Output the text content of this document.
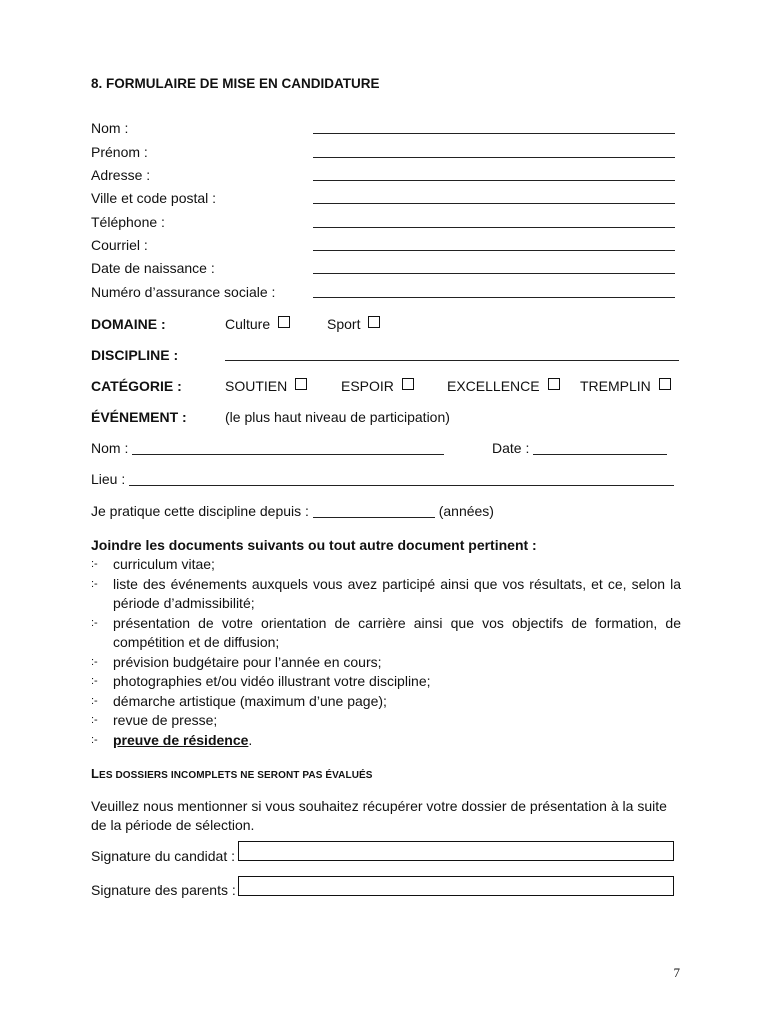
8. FORMULAIRE DE MISE EN CANDIDATURE
Nom :
Prénom :
Adresse :
Ville et code postal :
Téléphone :
Courriel :
Date de naissance :
Numéro d’assurance sociale :
DOMAINE :	Culture	Sport
DISCIPLINE :
CATÉGORIE :	SOUTIEN	ESPOIR	EXCELLENCE	TREMPLIN
ÉVÉNEMENT :	(le plus haut niveau de participation)
Nom :	Date :
Lieu :
Je pratique cette discipline depuis :	(années)
Joindre les documents suivants ou tout autre document pertinent :
:- curriculum vitae;
:- liste des événements auxquels vous avez participé ainsi que vos résultats, et ce, selon la période d’admissibilité;
:- présentation de votre orientation de carrière ainsi que vos objectifs de formation, de compétition et de diffusion;
:- prévision budgétaire pour l’année en cours;
:- photographies et/ou vidéo illustrant votre discipline;
:- démarche artistique (maximum d’une page);
:- revue de presse;
:- preuve de résidence.
LES DOSSIERS INCOMPLETS NE SERONT PAS ÉVALUÉS
Veuillez nous mentionner si vous souhaitez récupérer votre dossier de présentation à la suite de la période de sélection.
Signature du candidat :
Signature des parents :
7
